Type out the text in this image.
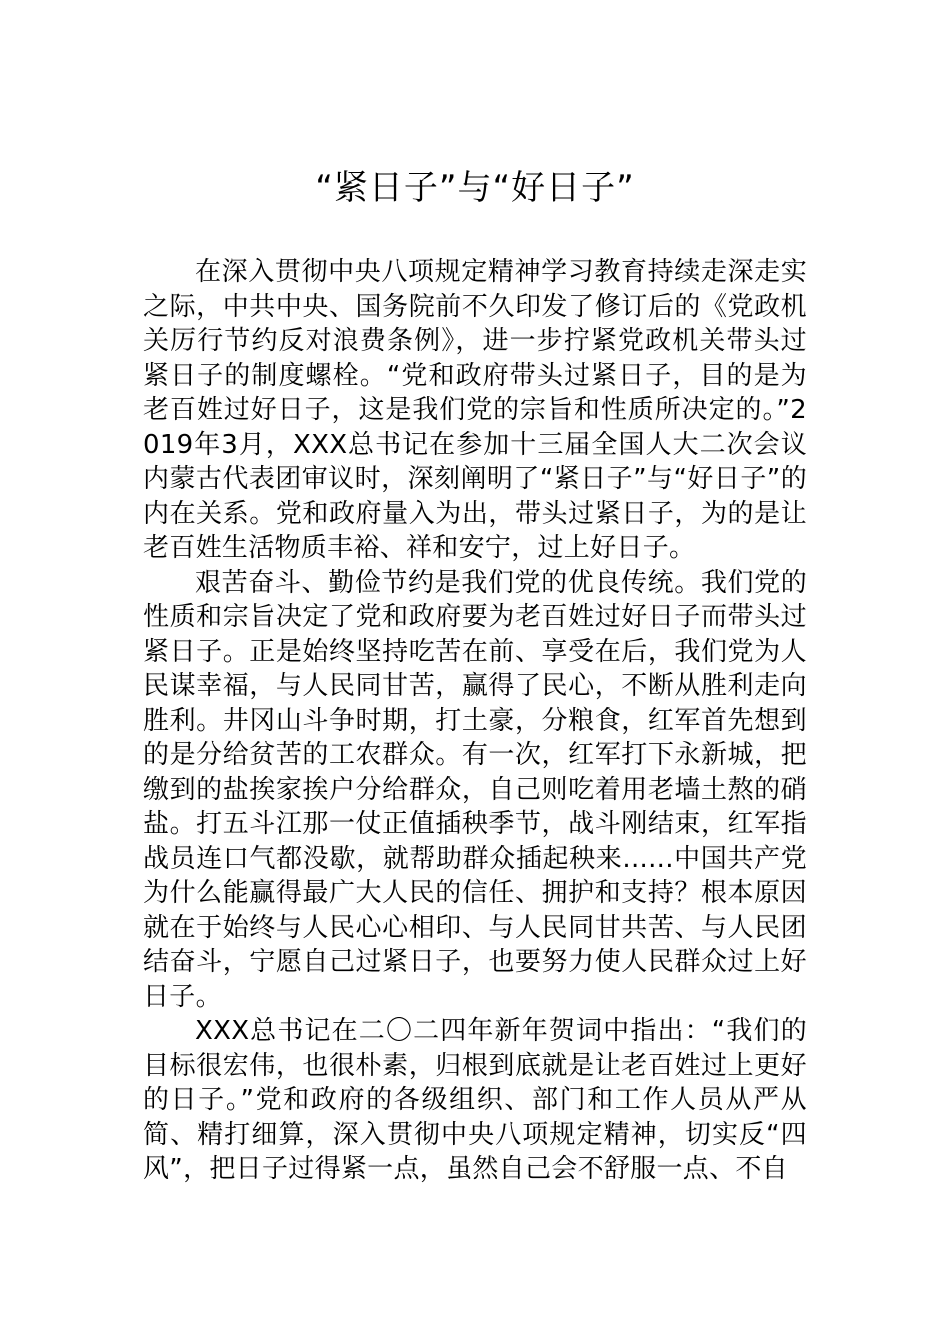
“紧日子”与“好日子”

在深入贯彻中央八项规定精神学习教育持续走深走实之际，中共中央、国务院前不久印发了修订后的《党政机关厉行节约反对浪费条例》，进一步拧紧党政机关带头过紧日子的制度螺栓。“党和政府带头过紧日子，目的是为老百姓过好日子，这是我们党的宗旨和性质所决定的。”2019年3月，XXX总书记在参加十三届全国人大二次会议内蒙古代表团审议时，深刻阐明了“紧日子”与“好日子”的内在关系。党和政府量入为出，带头过紧日子，为的是让老百姓生活物质丰裕、祥和安宁，过上好日子。

艰苦奋斗、勤俭节约是我们党的优良传统。我们党的性质和宗旨决定了党和政府要为老百姓过好日子而带头过紧日子。正是始终坚持吃苦在前、享受在后，我们党为人民谋幸福，与人民同甘苦，赢得了民心，不断从胜利走向胜利。井冈山斗争时期，打土豪，分粮食，红军首先想到的是分给贫苦的工农群众。有一次，红军打下永新城，把缴到的盐挨家挨户分给群众，自己则吃着用老墙土熬的硝盐。打五斗江那一仗正值插秧季节，战斗刚结束，红军指战员连口气都没歇，就帮助群众插起秧来......中国共产党为什么能赢得最广大人民的信任、拥护和支持？根本原因就在于始终与人民心心相印、与人民同甘共苦、与人民团结奋斗，宁愿自己过紧日子，也要努力使人民群众过上好日子。

XXX总书记在二〇二四年新年贺词中指出：“我们的目标很宏伟，也很朴素，归根到底就是让老百姓过上更好的日子。”党和政府的各级组织、部门和工作人员从严从简、精打细算，深入贯彻中央八项规定精神，切实反“四风”，把日子过得紧一点，虽然自己会不舒服一点、不自
